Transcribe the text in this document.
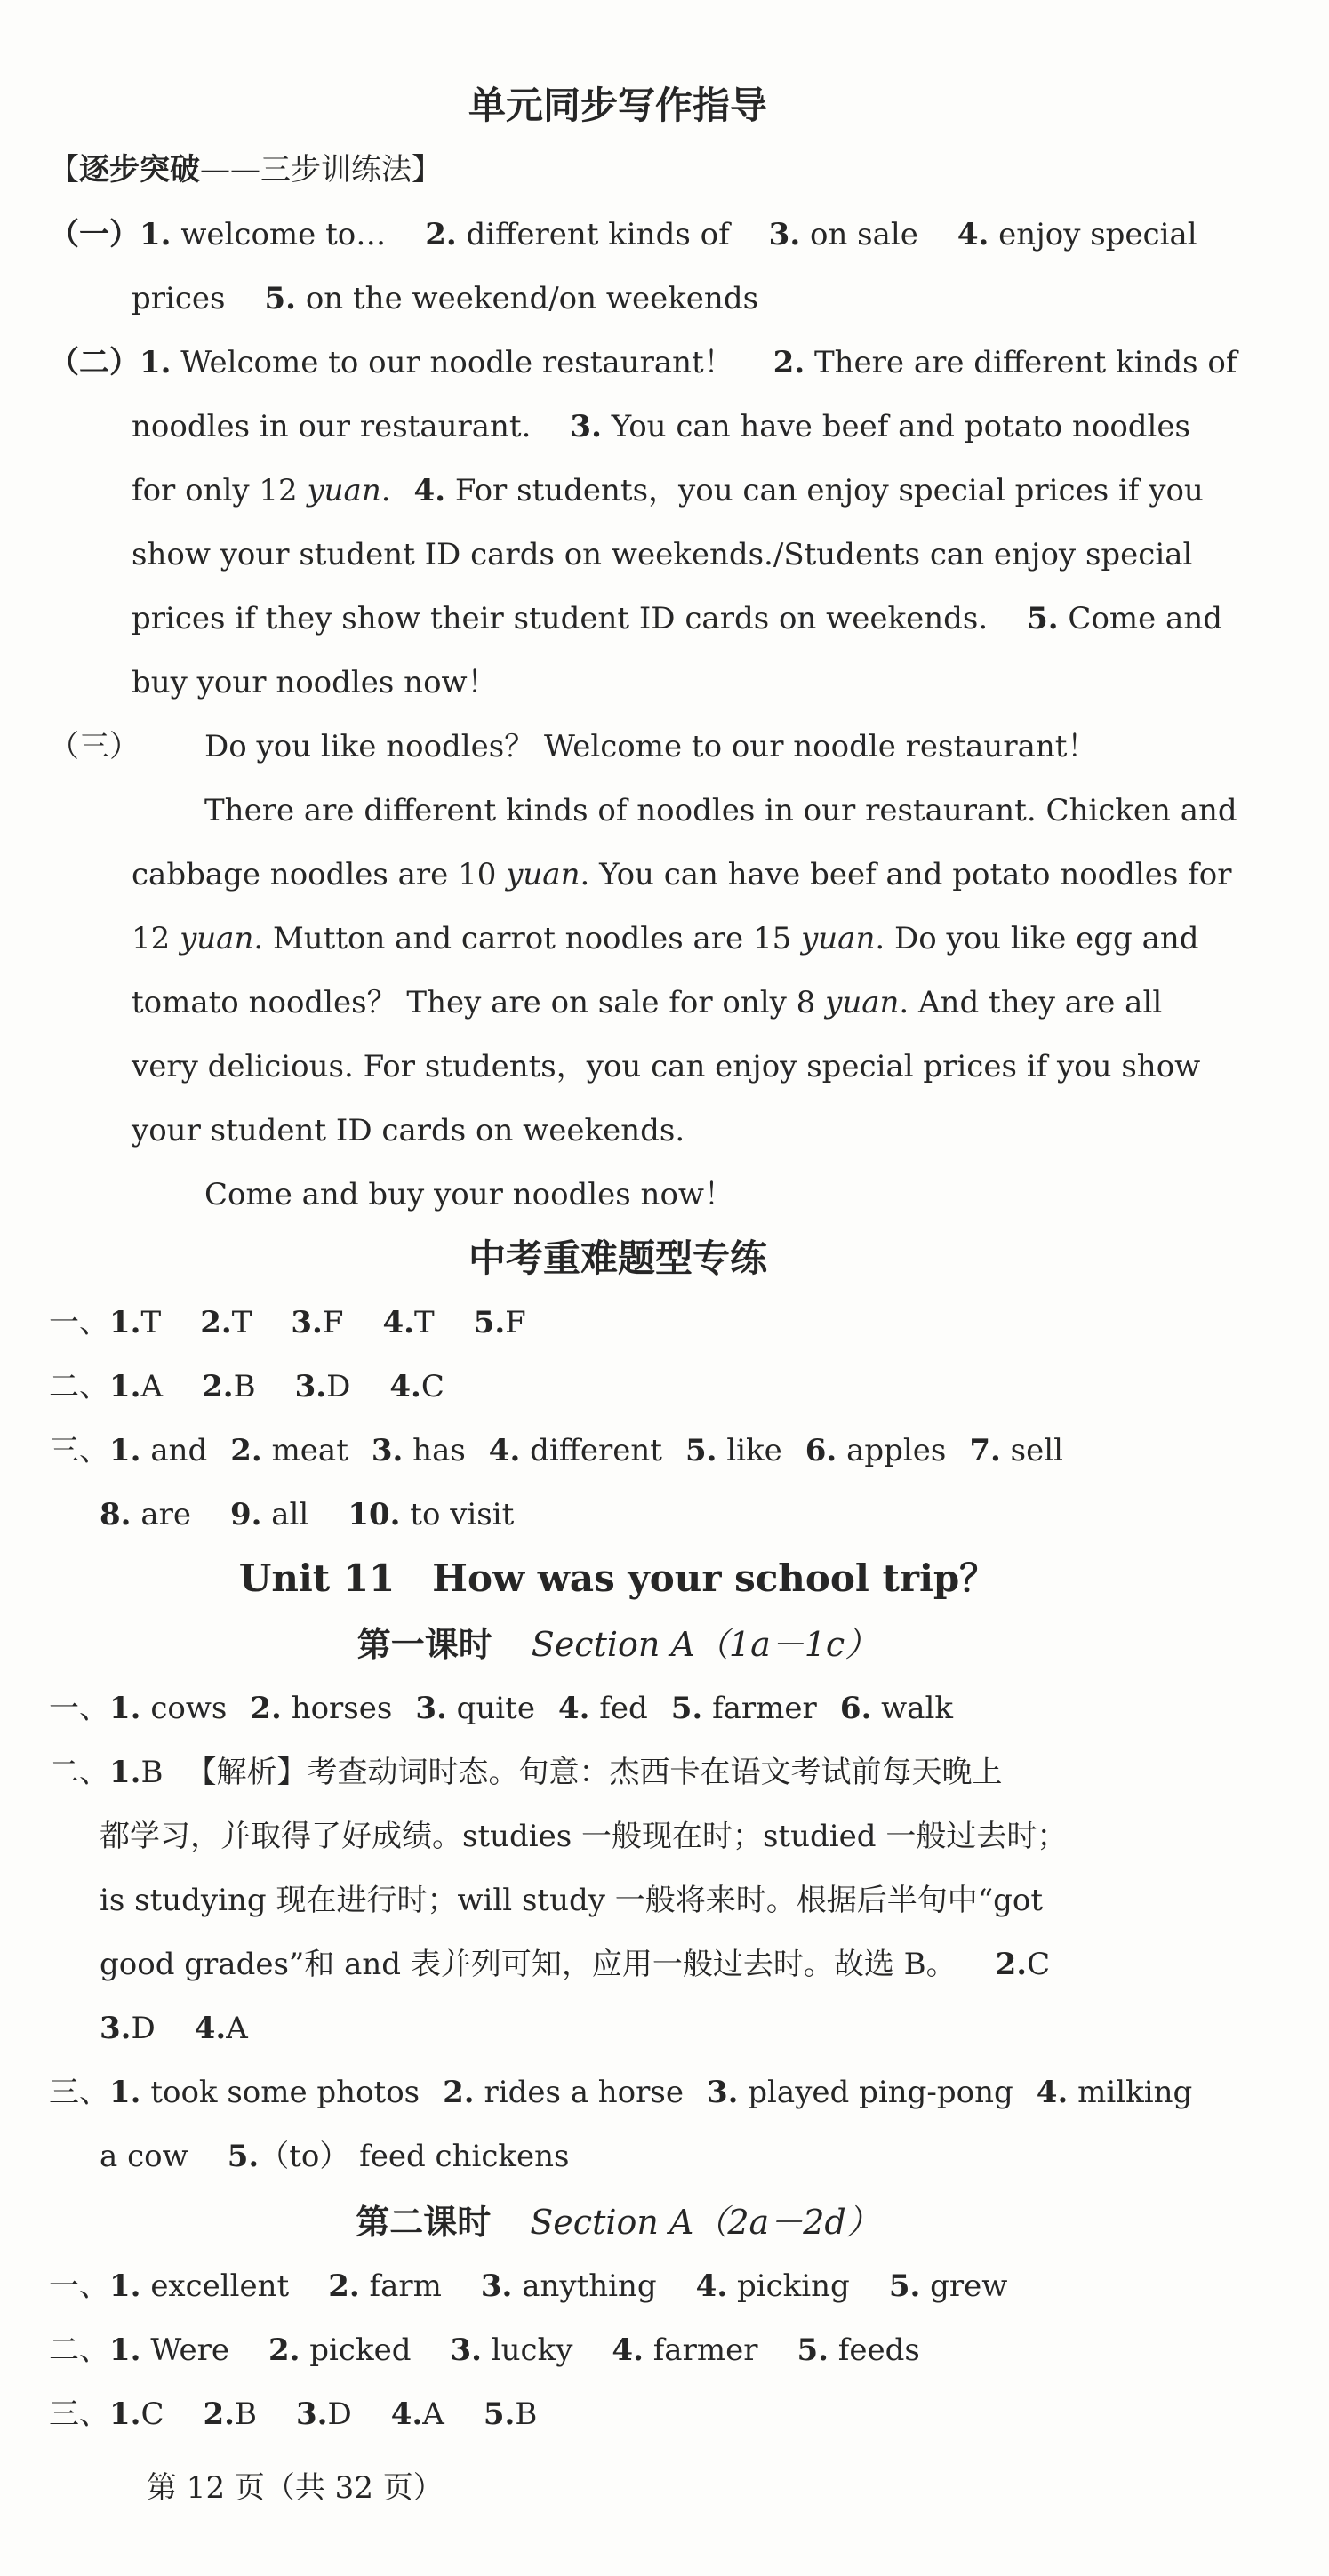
单元同步写作指导
【逐步突破——三步训练法】
（一）1. welcome to… 2. different kinds of 3. on sale 4. enjoy special
prices 5. on the weekend/on weekends
（二）1. Welcome to our noodle restaurant！ 2. There are different kinds of
noodles in our restaurant. 3. You can have beef and potato noodles
for only 12 yuan. 4. For students，you can enjoy special prices if you
show your student ID cards on weekends./Students can enjoy special
prices if they show their student ID cards on weekends. 5. Come and
buy your noodles now！
（三） Do you like noodles？ Welcome to our noodle restaurant！
There are different kinds of noodles in our restaurant. Chicken and
cabbage noodles are 10 yuan. You can have beef and potato noodles for
12 yuan. Mutton and carrot noodles are 15 yuan. Do you like egg and
tomato noodles？ They are on sale for only 8 yuan. And they are all
very delicious. For students，you can enjoy special prices if you show
your student ID cards on weekends.
Come and buy your noodles now！
中考重难题型专练
一、1.T 2.T 3.F 4.T 5.F
二、1.A 2.B 3.D 4.C
三、1. and 2. meat 3. has 4. different 5. like 6. apples 7. sell
8. are 9. all 10. to visit
Unit 11　How was your school trip？
第一课时 Section A（1a－1c）
一、1. cows 2. horses 3. quite 4. fed 5. farmer 6. walk
二、1.B 【解析】考查动词时态。句意：杰西卡在语文考试前每天晚上
都学习，并取得了好成绩。studies 一般现在时；studied 一般过去时；
is studying 现在进行时；will study 一般将来时。根据后半句中“got
good grades”和 and 表并列可知，应用一般过去时。故选 B。 2.C
3.D 4.A
三、1. took some photos 2. rides a horse 3. played ping-pong 4. milking
a cow 5.（to） feed chickens
第二课时 Section A（2a－2d）
一、1. excellent 2. farm 3. anything 4. picking 5. grew
二、1. Were 2. picked 3. lucky 4. farmer 5. feeds
三、1.C 2.B 3.D 4.A 5.B
第 12 页（共 32 页）
